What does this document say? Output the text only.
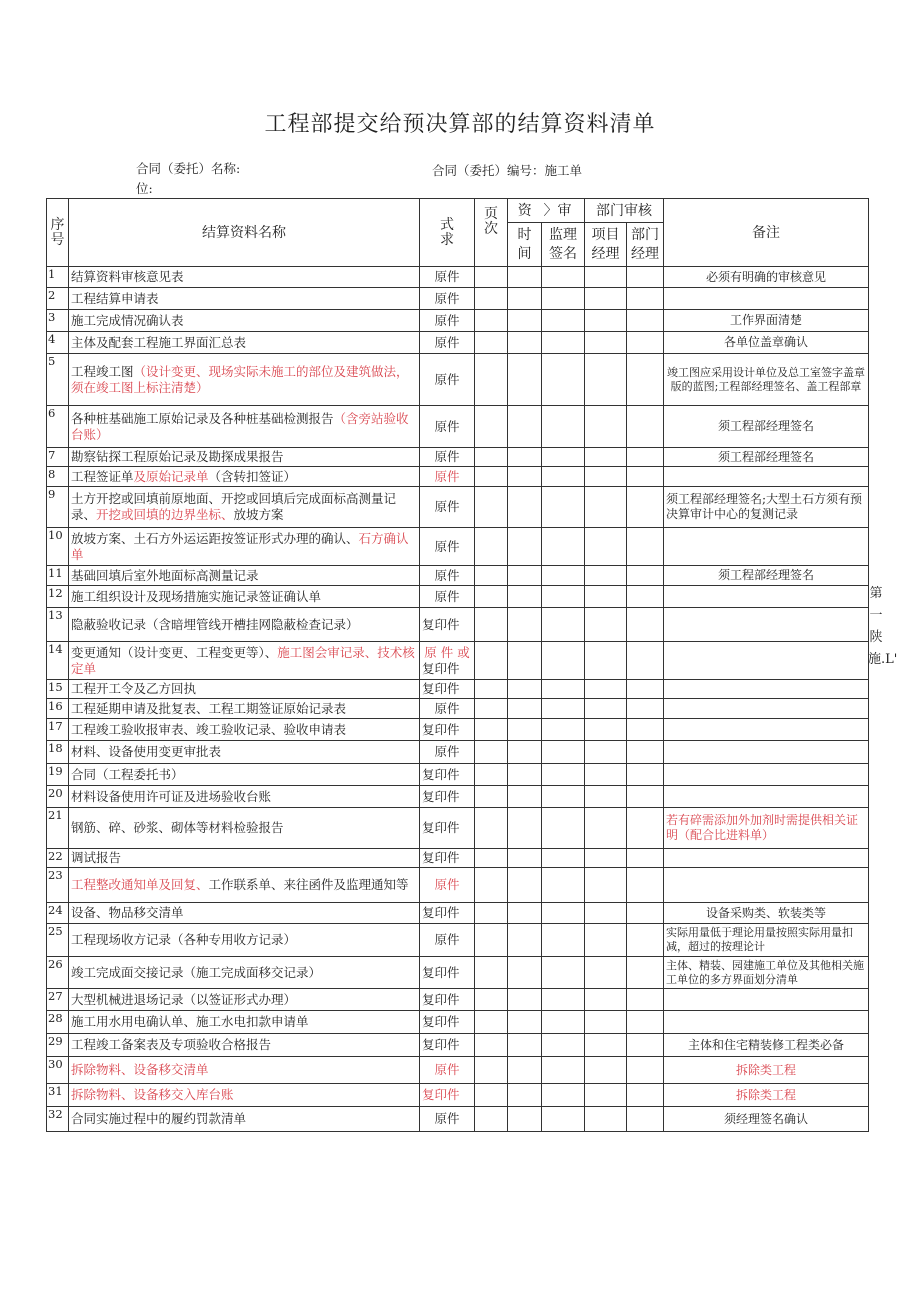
工程部提交给预决算部的结算资料清单
合同（委托）名称:
位:
合同（委托）编号：施工单
序号	结算资料名称	式求	页次	资	〉审	部门审核		备注
				时间	监理签名	项目经理	部门经理	
1	结算资料审核意见表	原件						必须有明确的审核意见
2	工程结算申请表	原件						

3	施工完成情况确认表	原件						工作界面清楚
4	主体及配套工程施工界面汇总表	原件						各单位盖章确认
5	工程竣工图（设计变更、现场实际未施工的部位及建筑做法，须在竣工图上标注清楚）	原件						竣工图应采用设计单位及总工室签字盖章版的蓝图;工程部经理签名、盖工程部章
6	各种桩基础施工原始记录及各种桩基础检测报告（含旁站验收台账）	原件						须工程部经理签名
7	勘察钻探工程原始记录及勘探成果报告	原件						须工程部经理签名
8	工程签证单及原始记录单（含转扣签证）	原件						

9	土方开挖或回填前原地面、开挖或回填后完成面标高测量记录、开挖或回填的边界坐标、放坡方案	原件						须工程部经理签名;大型土石方须有预决算审计中心的复测记录
10	放坡方案、土石方外运运距按签证形式办理的确认、石方确认单	原件						

11	基础回填后室外地面标高测量记录	原件						须工程部经理签名
12	施工组织设计及现场措施实施记录签证确认单	原件						

13	隐蔽验收记录（含暗埋管线开槽挂网隐蔽检查记录）	复印件						

14	变更通知（设计变更、工程变更等）、施工图会审记录、技术核定单	原 件 或
复印件						

15	工程开工令及乙方回执	复印件						

16	工程延期申请及批复表、工程工期签证原始记录表	原件						

17	工程竣工验收报审表、竣工验收记录、验收申请表	复印件						

18	材料、设备使用变更审批表	原件						

19	合同（工程委托书）	复印件						

20	材料设备使用许可证及进场验收台账	复印件						

21	钢筋、碎、砂浆、砌体等材料检验报告	复印件						若有碎需添加外加剂时需提供相关证明（配合比进料单）
22	调试报告	复印件						

23	工程整改通知单及回复、工作联系单、来往函件及监理通知等	原件						

24	设备、物品移交清单	复印件						设备采购类、软装类等
25	工程现场收方记录（各种专用收方记录）	原件						实际用量低于理论用量按照实际用量扣减，超过的按理论计
26	竣工完成面交接记录（施工完成面移交记录）	复印件						主体、精装、园建施工单位及其他相关施工单位的多方界面划分清单
27	大型机械进退场记录（以签证形式办理）	复印件						

28	施工用水用电确认单、施工水电扣款申请单	复印件						

29	工程竣工备案表及专项验收合格报告	复印件						主体和住宅精装修工程类必备
30	拆除物料、设备移交清单	原件						拆除类工程
31	拆除物料、设备移交入库台账	复印件						拆除类工程
32	合同实施过程中的履约罚款清单	原件						须经理签名确认
第一陕施.L'
